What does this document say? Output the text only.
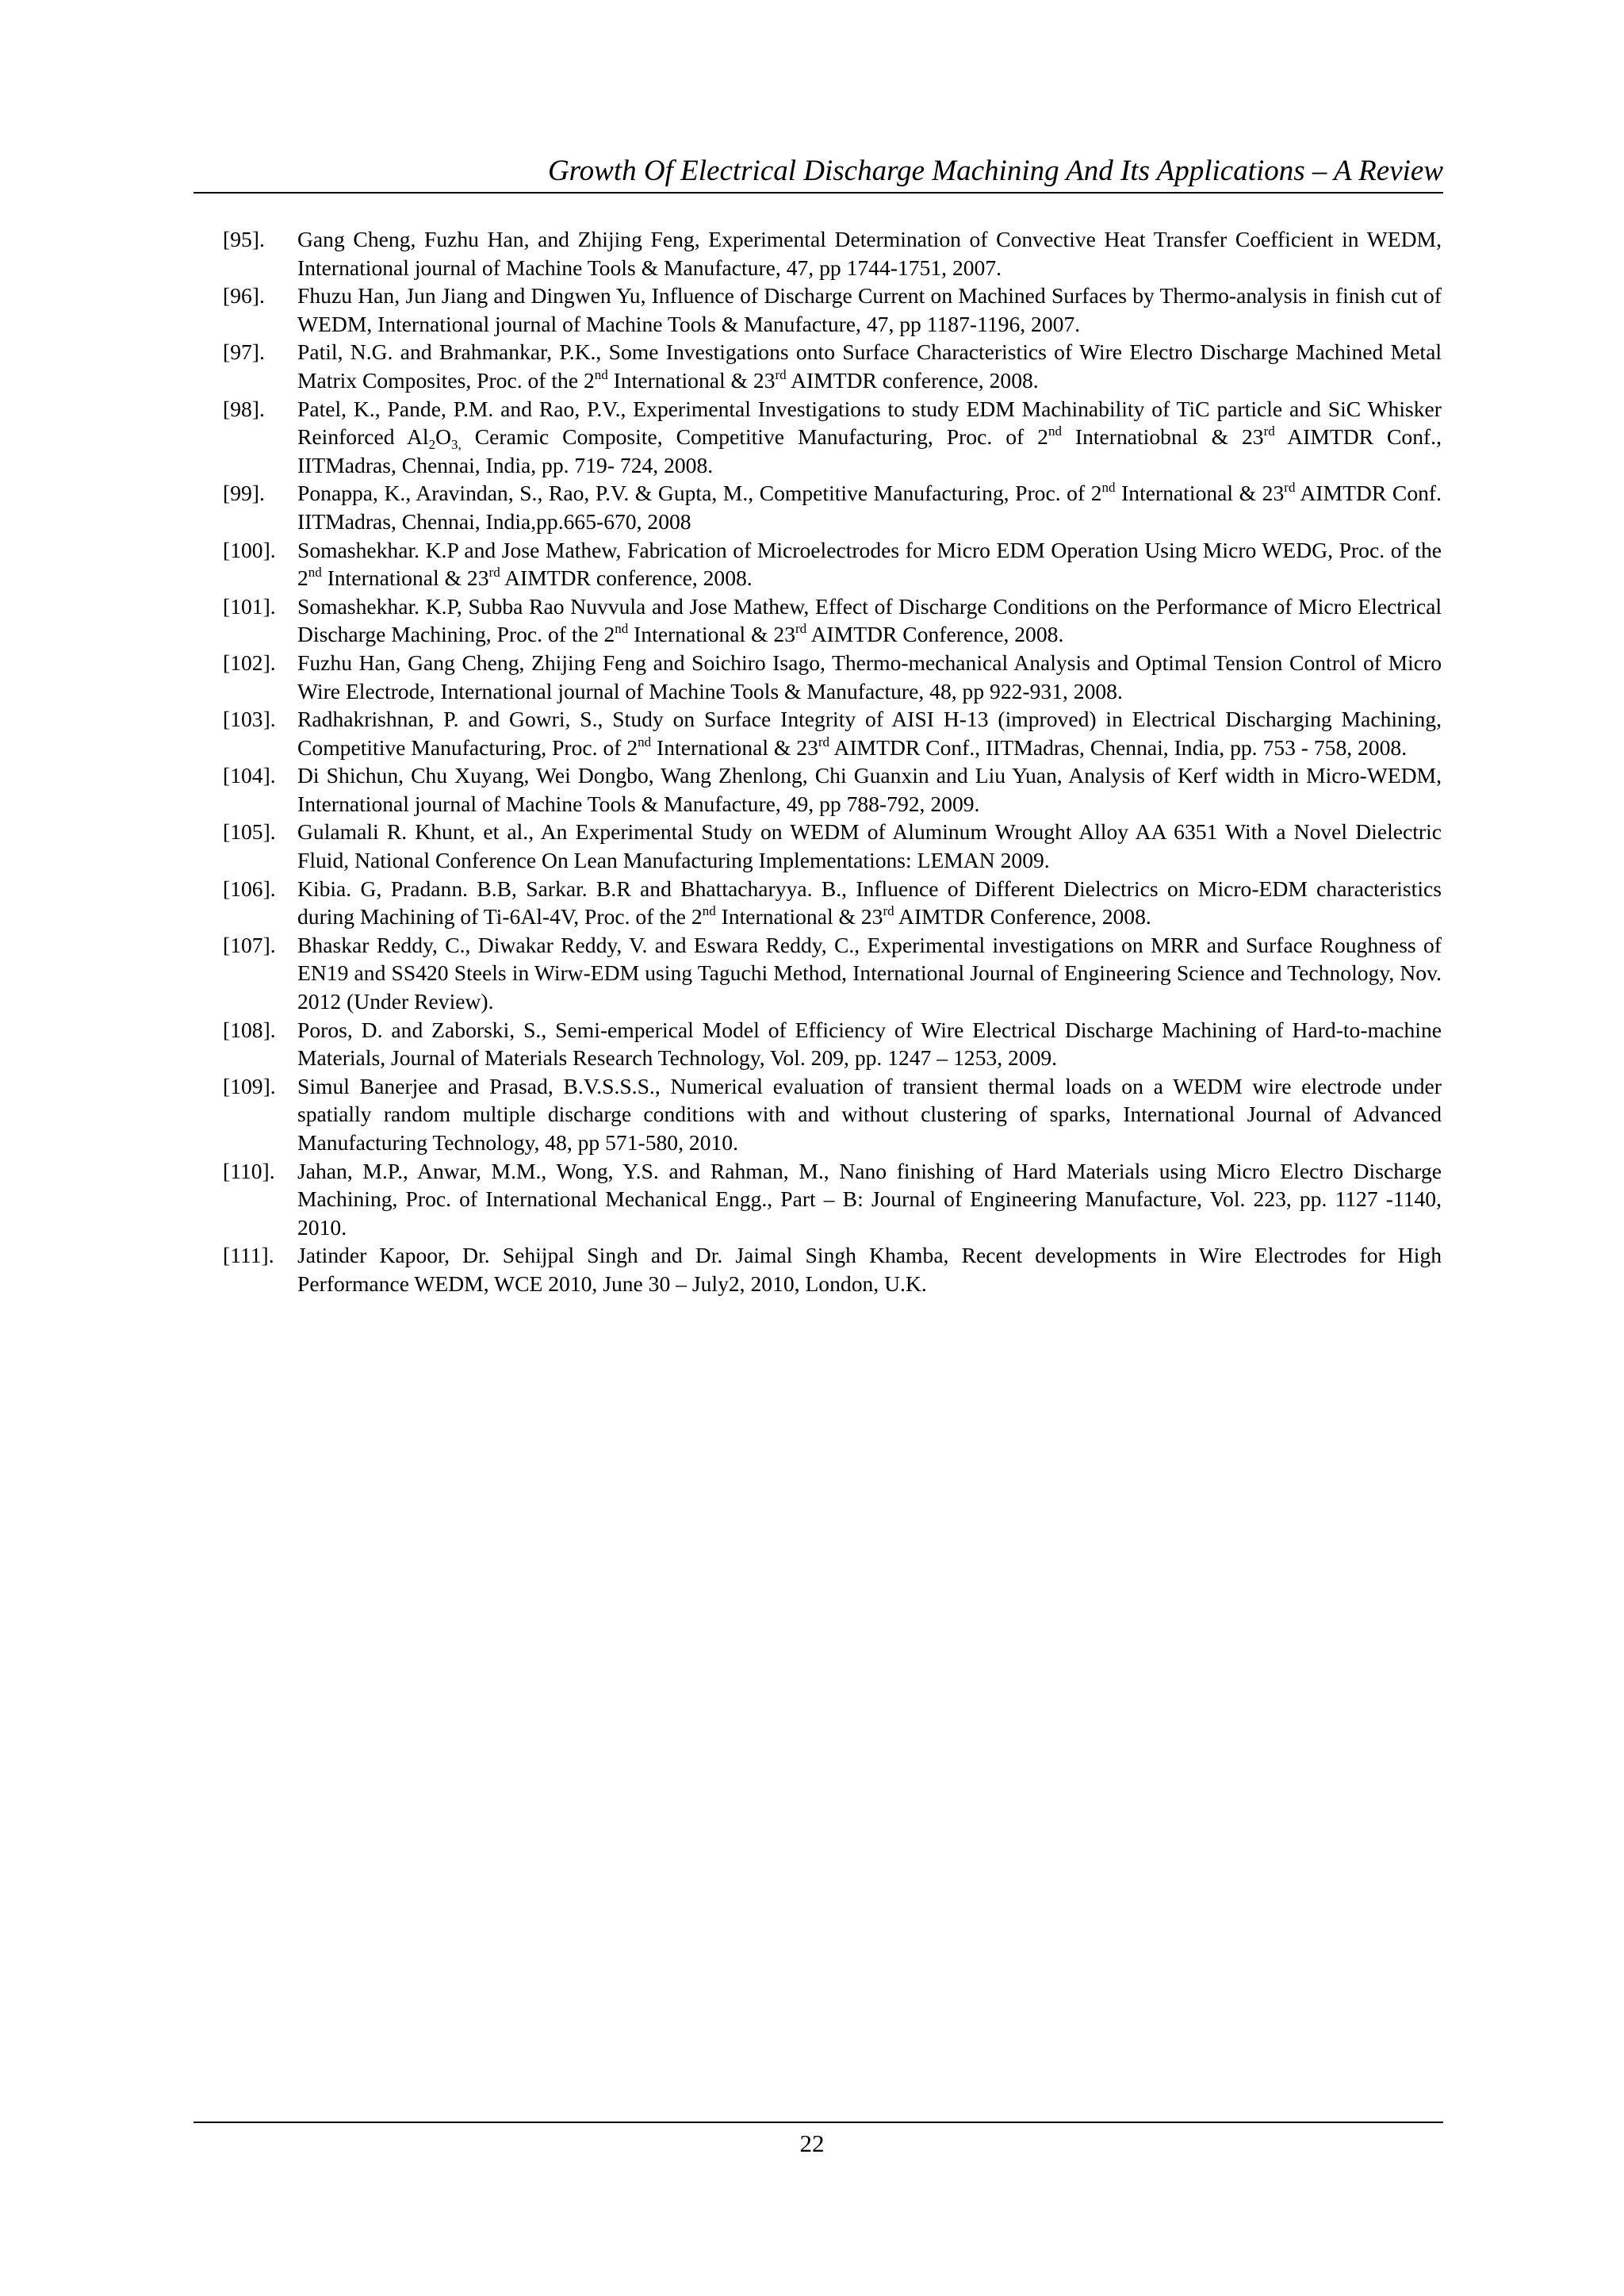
Growth Of Electrical Discharge Machining And Its Applications – A Review
[95]. Gang Cheng, Fuzhu Han, and Zhijing Feng, Experimental Determination of Convective Heat Transfer Coefficient in WEDM, International journal of Machine Tools & Manufacture, 47, pp 1744-1751, 2007.
[96]. Fhuzu Han, Jun Jiang and Dingwen Yu, Influence of Discharge Current on Machined Surfaces by Thermo-analysis in finish cut of WEDM, International journal of Machine Tools & Manufacture, 47, pp 1187-1196, 2007.
[97]. Patil, N.G. and Brahmankar, P.K., Some Investigations onto Surface Characteristics of Wire Electro Discharge Machined Metal Matrix Composites, Proc. of the 2nd International & 23rd AIMTDR conference, 2008.
[98]. Patel, K., Pande, P.M. and Rao, P.V., Experimental Investigations to study EDM Machinability of TiC particle and SiC Whisker Reinforced $Al_2O_{3,}$ Ceramic Composite, Competitive Manufacturing, Proc. of 2nd Internatiobnal & 23rd AIMTDR Conf., IITMadras, Chennai, India, pp. 719- 724, 2008.
[99]. Ponappa, K., Aravindan, S., Rao, P.V. & Gupta, M., Competitive Manufacturing, Proc. of 2nd International & 23rd AIMTDR Conf. IITMadras, Chennai, India,pp.665-670, 2008
[100]. Somashekhar. K.P and Jose Mathew, Fabrication of Microelectrodes for Micro EDM Operation Using Micro WEDG, Proc. of the 2nd International & 23rd AIMTDR conference, 2008.
[101]. Somashekhar. K.P, Subba Rao Nuvvula and Jose Mathew, Effect of Discharge Conditions on the Performance of Micro Electrical Discharge Machining, Proc. of the 2nd International & 23rd AIMTDR Conference, 2008.
[102]. Fuzhu Han, Gang Cheng, Zhijing Feng and Soichiro Isago, Thermo-mechanical Analysis and Optimal Tension Control of Micro Wire Electrode, International journal of Machine Tools & Manufacture, 48, pp 922-931, 2008.
[103]. Radhakrishnan, P. and Gowri, S., Study on Surface Integrity of AISI H-13 (improved) in Electrical Discharging Machining, Competitive Manufacturing, Proc. of 2nd International & 23rd AIMTDR Conf., IITMadras, Chennai, India, pp. 753 - 758, 2008.
[104]. Di Shichun, Chu Xuyang, Wei Dongbo, Wang Zhenlong, Chi Guanxin and Liu Yuan, Analysis of Kerf width in Micro-WEDM, International journal of Machine Tools & Manufacture, 49, pp 788-792, 2009.
[105]. Gulamali R. Khunt, et al., An Experimental Study on WEDM of Aluminum Wrought Alloy AA 6351 With a Novel Dielectric Fluid, National Conference On Lean Manufacturing Implementations: LEMAN 2009.
[106]. Kibia. G, Pradann. B.B, Sarkar. B.R and Bhattacharyya. B., Influence of Different Dielectrics on Micro-EDM characteristics during Machining of Ti-6Al-4V, Proc. of the 2nd International & 23rd AIMTDR Conference, 2008.
[107]. Bhaskar Reddy, C., Diwakar Reddy, V. and Eswara Reddy, C., Experimental investigations on MRR and Surface Roughness of EN19 and SS420 Steels in Wirw-EDM using Taguchi Method, International Journal of Engineering Science and Technology, Nov. 2012 (Under Review).
[108]. Poros, D. and Zaborski, S., Semi-emperical Model of Efficiency of Wire Electrical Discharge Machining of Hard-to-machine Materials, Journal of Materials Research Technology, Vol. 209, pp. 1247 – 1253, 2009.
[109]. Simul Banerjee and Prasad, B.V.S.S.S., Numerical evaluation of transient thermal loads on a WEDM wire electrode under spatially random multiple discharge conditions with and without clustering of sparks, International Journal of Advanced Manufacturing Technology, 48, pp 571-580, 2010.
[110]. Jahan, M.P., Anwar, M.M., Wong, Y.S. and Rahman, M., Nano finishing of Hard Materials using Micro Electro Discharge Machining, Proc. of International Mechanical Engg., Part – B: Journal of Engineering Manufacture, Vol. 223, pp. 1127 -1140, 2010.
[111]. Jatinder Kapoor, Dr. Sehijpal Singh and Dr. Jaimal Singh Khamba, Recent developments in Wire Electrodes for High Performance WEDM, WCE 2010, June 30 – July2, 2010, London, U.K.
22
